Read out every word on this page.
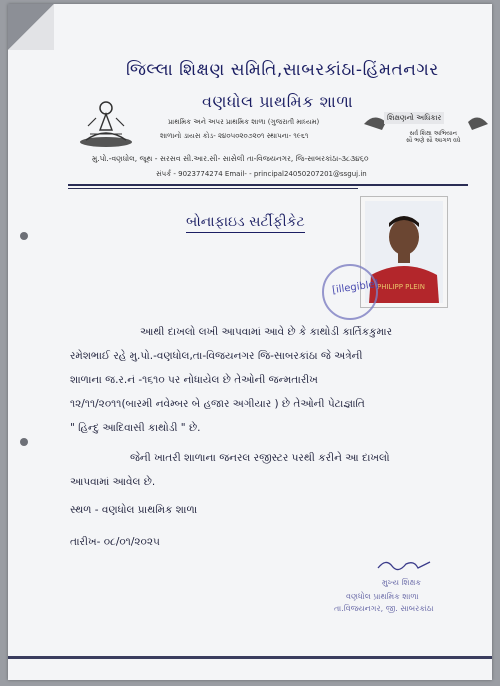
જિલ્લા શિક્ષણ સમિતિ,સાબરકાંઠા-હિંમતનગર
વણધોલ પ્રાથમિક શાળા
પ્રાથમિક અને અપર પ્રાથમિક શાળા (ગુજરાતી માધ્યમ)
શાળાનો ડાયસ કોડ- ૨૪૦૫૦૨૦૭૨૦૧ સ્થાપના- ૧૯૬૧
મુ.પો.-વણધોલ, જૂથ - સરસવ સી.આર.સી- સાસેલી તા-વિજયનગર, જિ-સાબરકાંઠા-૩૮૩૪૬૦
સંપર્ક - 9023774274 Email- - principal24050207201@ssguj.in
શિક્ષણનો અધિકાર
સર્વ શિક્ષા અભિયાન
સૌ ભણે સૌ આગળ વધે
બોનાફાઇડ સર્ટીફીકેટ
PHILIPP PLEIN
[illegible]
આથી દાખલો લખી આપવામાં આવે છે કે કાથોડી કાર્તિકકુમાર
રમેશભાઈ રહે મુ.પો.-વણધોલ,તા-વિજયનગર જિ-સાબરકાંઠા જે અત્રેની
શાળાના જ.ર.નં -૧૬૧૦ પર નોધાયેલ છે તેઓની જન્મતારીખ
૧૨/૧૧/૨૦૧૧(બારમી નવેમ્બર બે હજાર અગીયાર ) છે તેઓની પેટાજ્ઞાતિ
" હિન્દુ આદિવાસી કાથોડી " છે.
જેની ખાતરી શાળાના જનરલ રજીસ્ટર પરથી કરીને આ દાખલો
આપવામાં આવેલ છે.
સ્થળ - વણધોલ પ્રાથમિક શાળા
તારીખ- ૦૮/૦૧/૨૦૨૫
મુખ્ય શિક્ષક
વણધોલ પ્રાથમિક શાળા
તા.વિજયનગર, જી. સાબરકાંઠા
